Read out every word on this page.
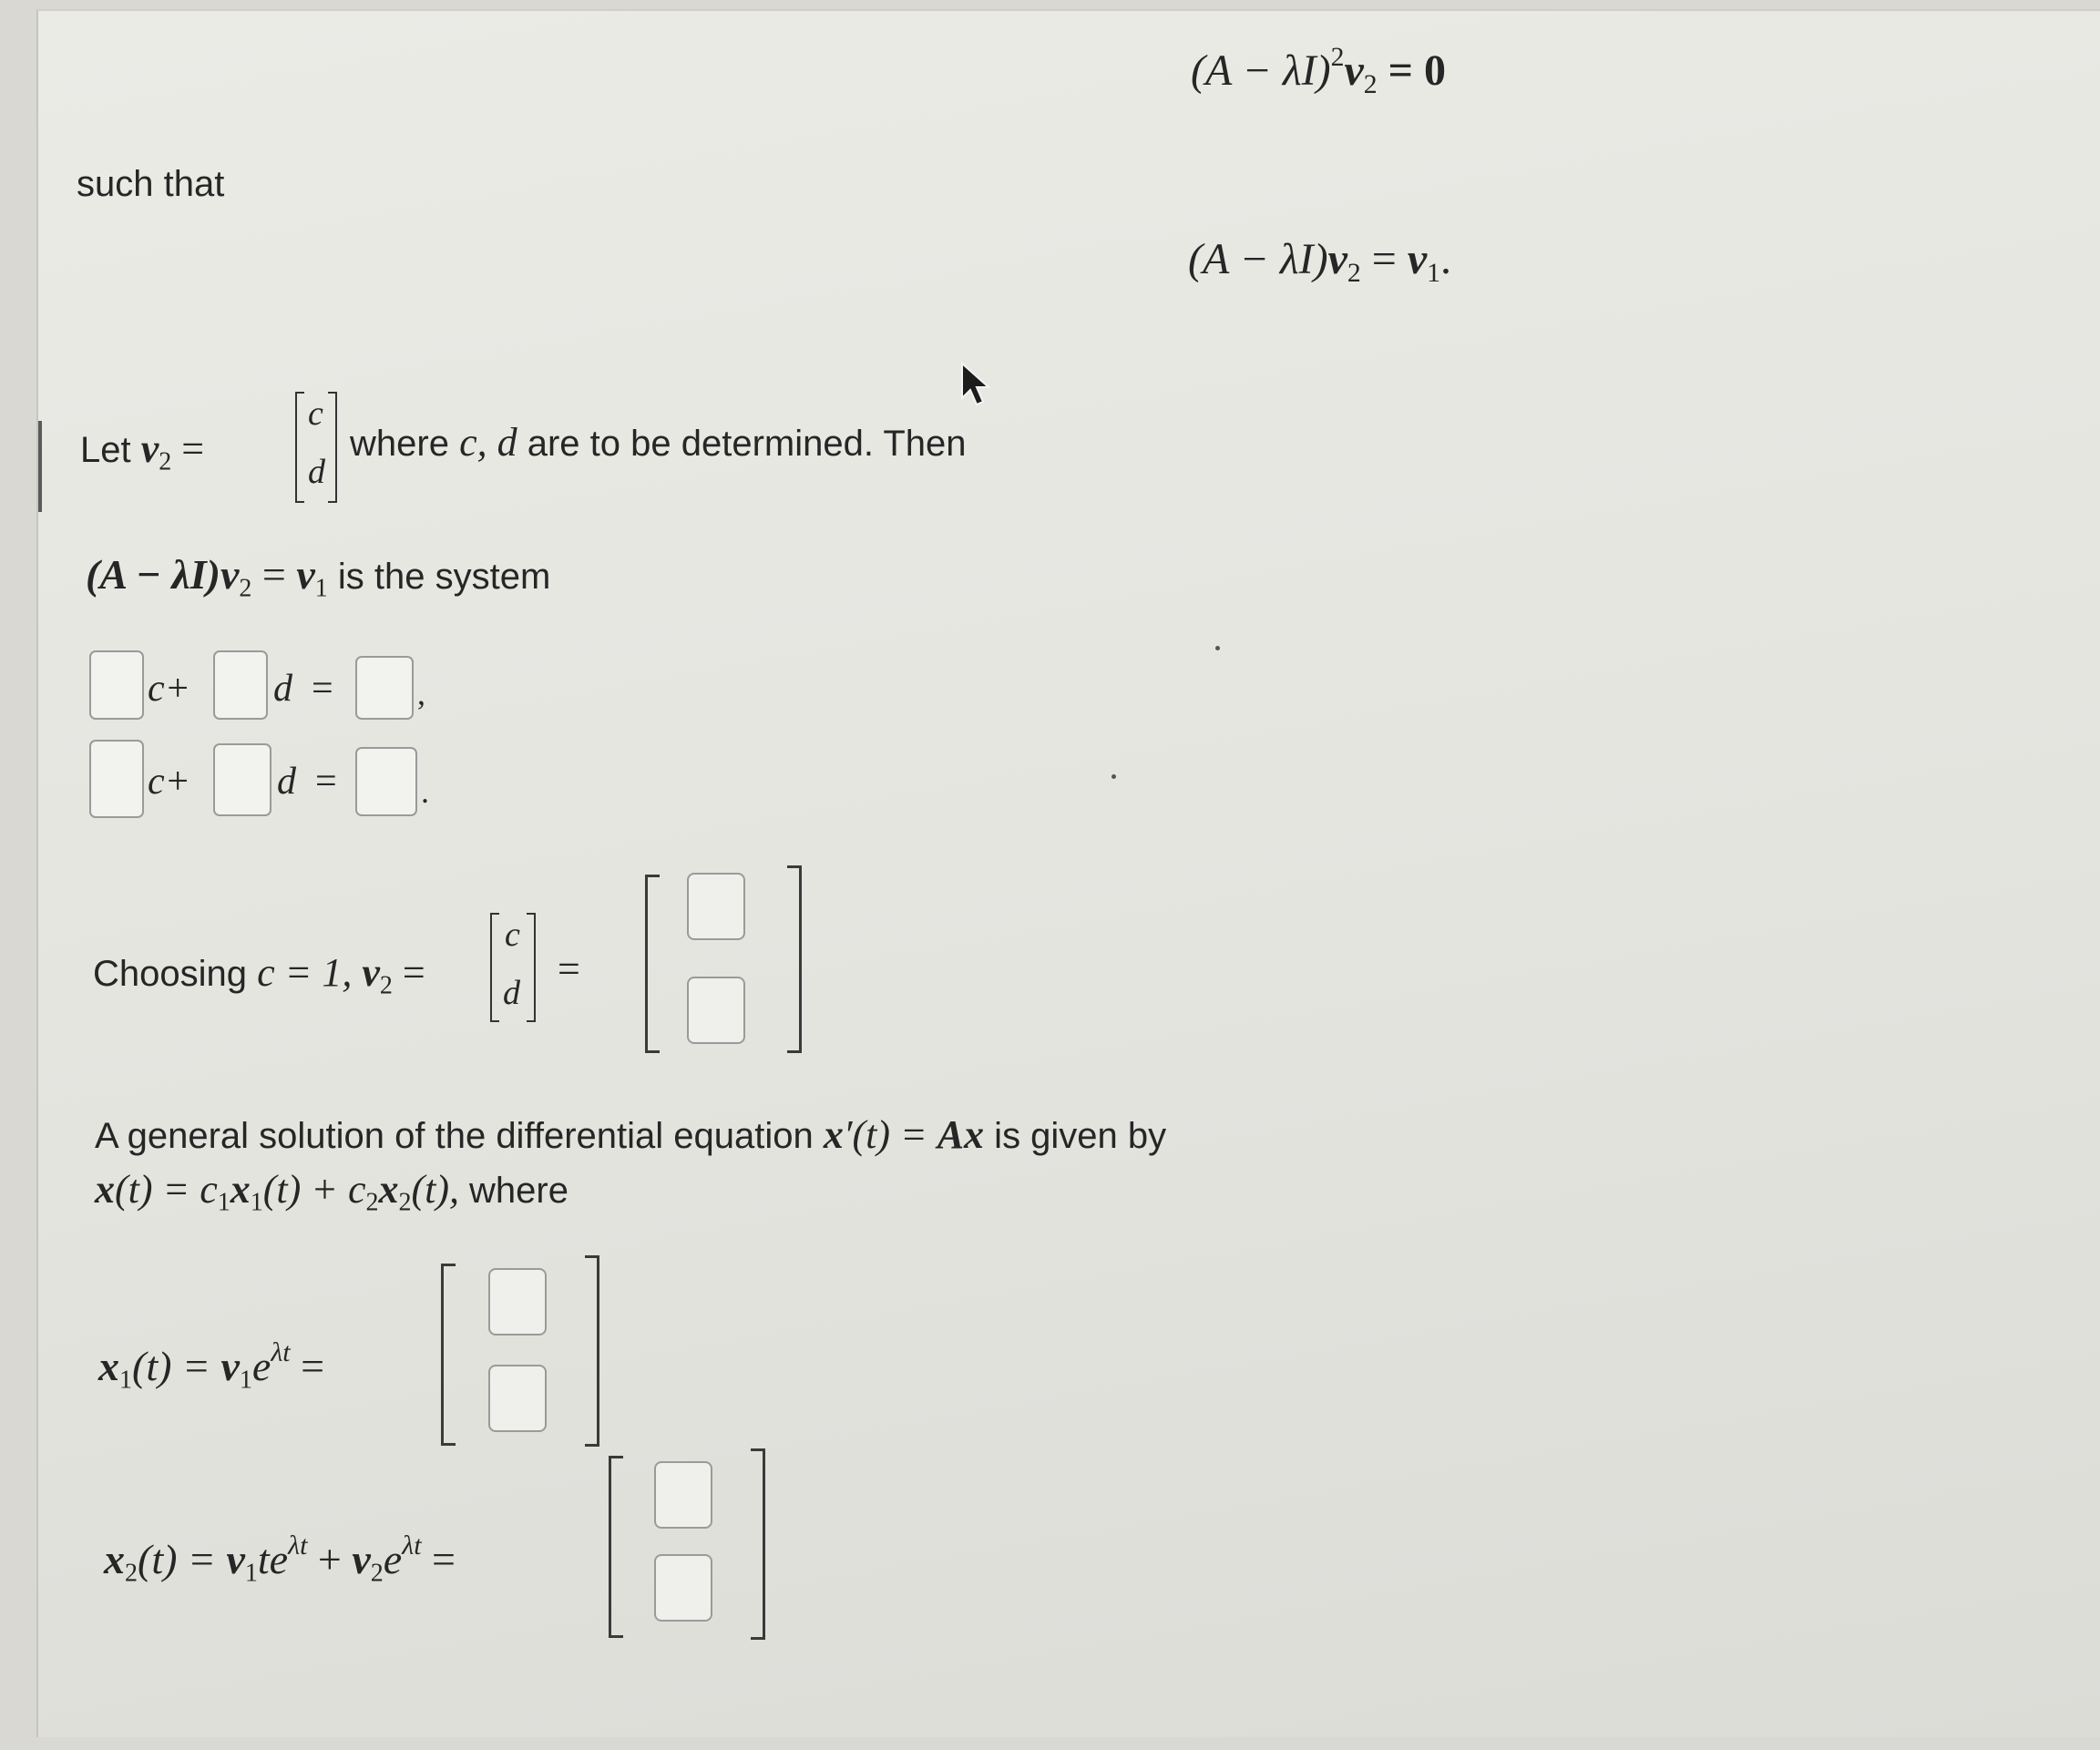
$(A - \lambda I)^2v_2 = 0$
such that
$(A - \lambda I)v_2 = v_1$.
Let $v_2$ =
c
d
where c, d are to be determined. Then
$(A - \lambda I)v_2 = v_1$ is the system
c+ d =	,
c+ d =	.
Choosing c = 1, $v_2$ =
c
d
=
A general solution of the differential equation x′(t) = Ax is given by
$x(t) = c_1x_1(t) + c_2x_2(t)$, where
$x_1(t) = v_1e^{\lambda t}$ =
$x_2(t) = v_1te^{\lambda t} + v_2e^{\lambda t}$ =
